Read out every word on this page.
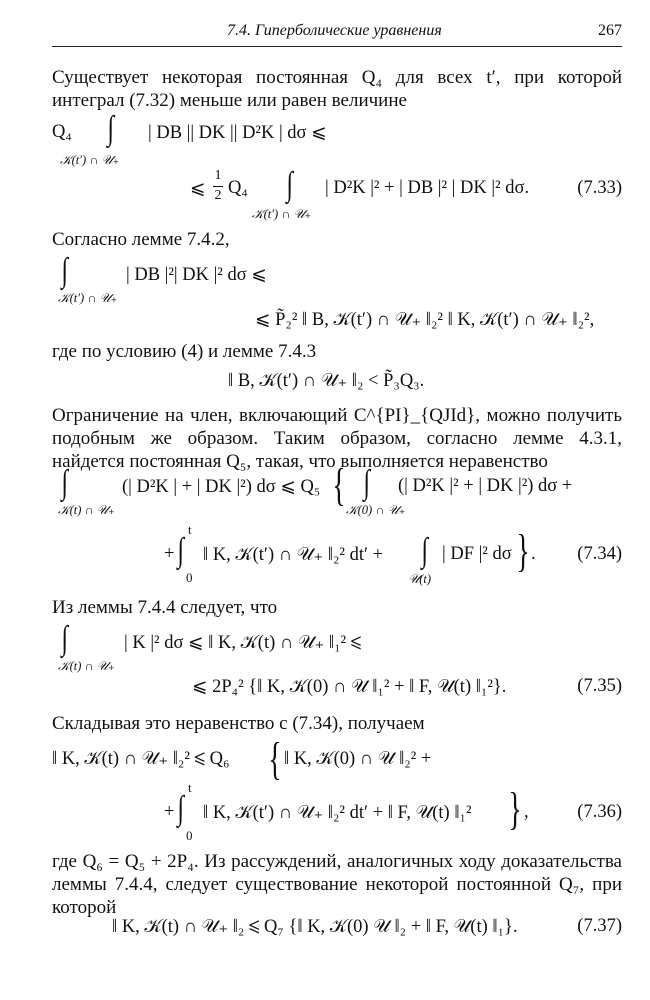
7.4. Гиперболические уравнения	267

Существует некоторая постоянная Q₄ для всех t′, при которой интеграл (7.32) меньше или равен величине

Q₄ ∫ | DB || DK || D²K | dσ ⩽
𝒦(t′) ∩ 𝒰₊
⩽
1
2 Q₄ ∫ | D²K |² + | DB |² | DK |² dσ.
𝒦(t′) ∩ 𝒰₊
(7.33)

Согласно лемме 7.4.2,

∫	| DB |²| DK |² dσ ⩽
𝒦(t′) ∩ 𝒰₊
⩽ P̃₂² ‖ B, 𝒦(t′) ∩ 𝒰₊ ‖₂² ‖ K, 𝒦(t′) ∩ 𝒰₊ ‖₂²,

где по условию (4) и лемме 7.4.3

‖ B, 𝒦(t′) ∩ 𝒰₊ ‖₂ < P̃₃Q₃.

Ограничение на член, включающий C^{PI}_{QJId}, можно получить подобным же образом. Таким образом, согласно лемме 4.3.1, найдется постоянная Q₅, такая, что выполняется неравенство

∫	(| D²K | + | DK |²) dσ ⩽ Q₅
𝒦(t) ∩ 𝒰₊	{ ∫ (| D²K |² + | DK |²) dσ +
𝒦(0) ∩ 𝒰₊
+
t
∫
0
‖ K, 𝒦(t′) ∩ 𝒰₊ ‖₂² dt′ + ∫ | DF |² dσ
𝒰(t)
} . (7.34)

Из леммы 7.4.4 следует, что

∫	| K |² dσ ⩽ ‖ K, 𝒦(t) ∩ 𝒰₊ ‖₁² ⩽
𝒦(t) ∩ 𝒰₊
⩽ 2P₄² {‖ K, 𝒦(0) ∩ 𝒰 ‖₁² + ‖ F, 𝒰(t) ‖₁²}.	(7.35)

Складывая это неравенство с (7.34), получаем

‖ K, 𝒦(t) ∩ 𝒰₊ ‖₂² ⩽ Q₆ { ‖ K, 𝒦(0) ∩ 𝒰 ‖₂² +
+
t
∫
0
‖ K, 𝒦(t′) ∩ 𝒰₊ ‖₂² dt′ + ‖ F, 𝒰(t) ‖₁² } ,	(7.36)

где Q₆ = Q₅ + 2P₄. Из рассуждений, аналогичных ходу доказательства леммы 7.4.4, следует существование некоторой постоянной Q₇, при которой

‖ K, 𝒦(t) ∩ 𝒰₊ ‖₂ ⩽ Q₇ {‖ K, 𝒦(0) 𝒰 ‖₂ + ‖ F, 𝒰(t) ‖₁}.	(7.37)
